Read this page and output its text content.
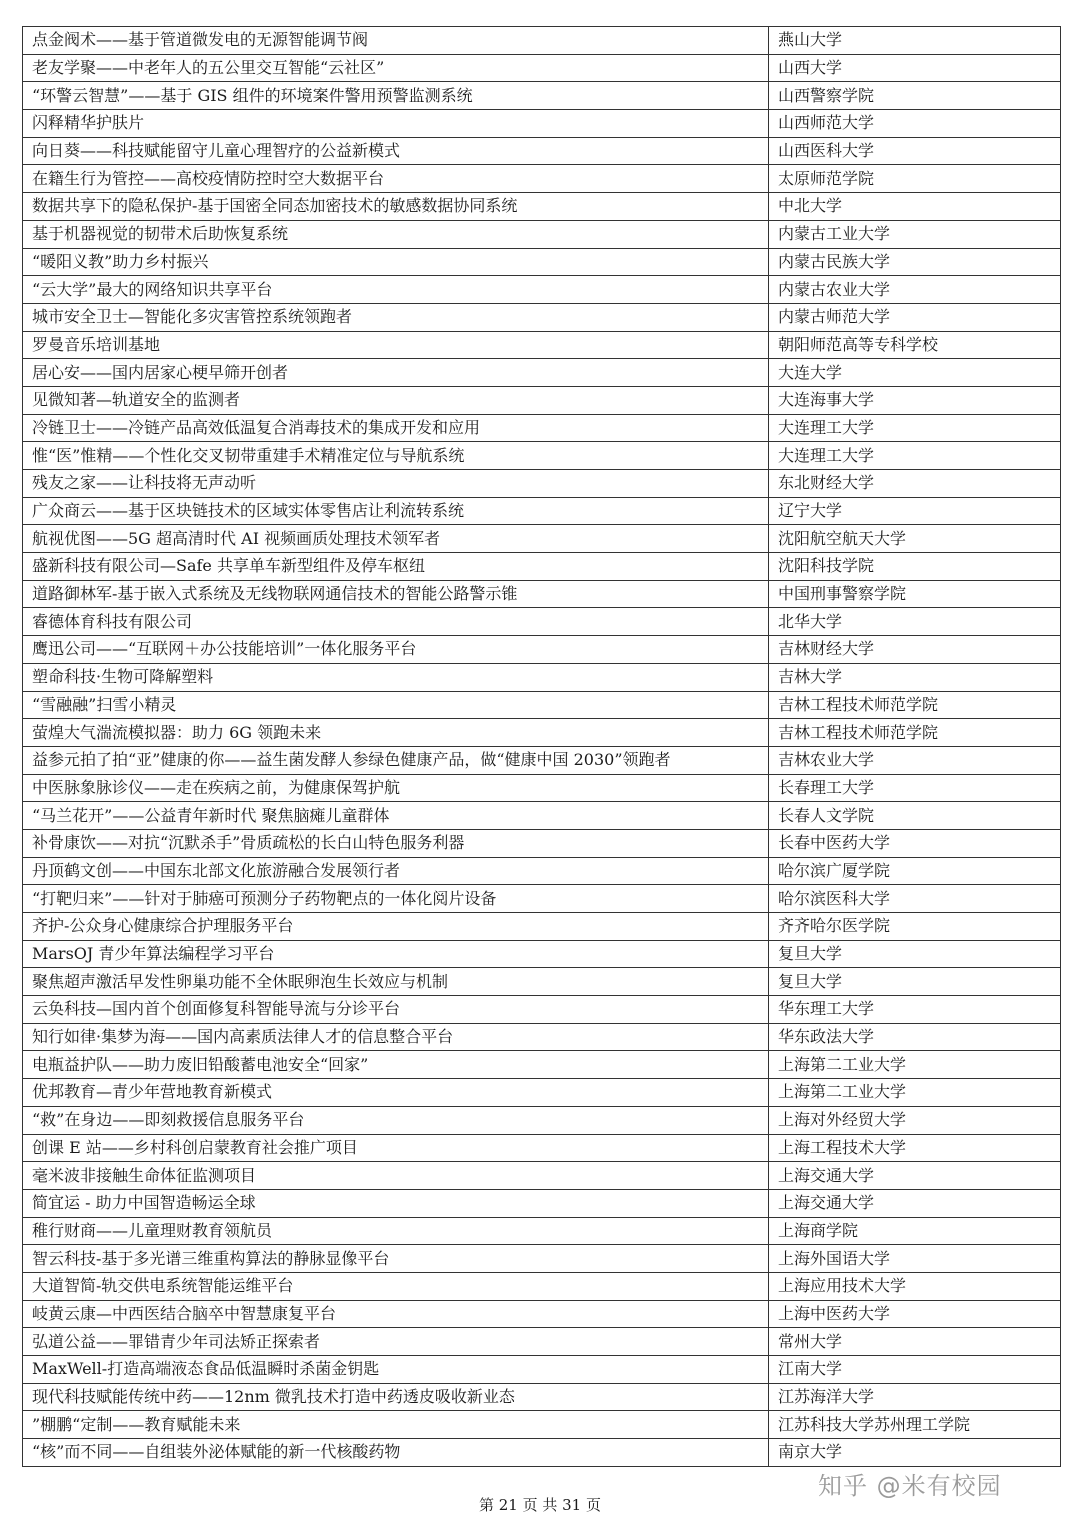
点金阀术——基于管道微发电的无源智能调节阀	燕山大学
老友学聚——中老年人的五公里交互智能“云社区”	山西大学
“环警云智慧”——基于 GIS 组件的环境案件警用预警监测系统	山西警察学院
闪释精华护肤片	山西师范大学
向日葵——科技赋能留守儿童心理智疗的公益新模式	山西医科大学
在籍生行为管控——高校疫情防控时空大数据平台	太原师范学院
数据共享下的隐私保护-基于国密全同态加密技术的敏感数据协同系统	中北大学
基于机器视觉的韧带术后助恢复系统	内蒙古工业大学
“暖阳义教”助力乡村振兴	内蒙古民族大学
“云大学”最大的网络知识共享平台	内蒙古农业大学
城市安全卫士—智能化多灾害管控系统领跑者	内蒙古师范大学
罗曼音乐培训基地	朝阳师范高等专科学校
居心安——国内居家心梗早筛开创者	大连大学
见微知著—轨道安全的监测者	大连海事大学
冷链卫士——冷链产品高效低温复合消毒技术的集成开发和应用	大连理工大学
惟“医”惟精——个性化交叉韧带重建手术精准定位与导航系统	大连理工大学
残友之家——让科技将无声动听	东北财经大学
广众商云——基于区块链技术的区域实体零售店让利流转系统	辽宁大学
航视优图——5G 超高清时代 AI 视频画质处理技术领军者	沈阳航空航天大学
盛新科技有限公司—Safe 共享单车新型组件及停车枢纽	沈阳科技学院
道路御林军-基于嵌入式系统及无线物联网通信技术的智能公路警示锥	中国刑事警察学院
睿德体育科技有限公司	北华大学
鹰迅公司——“互联网＋办公技能培训”一体化服务平台	吉林财经大学
塑命科技·生物可降解塑料	吉林大学
“雪融融”扫雪小精灵	吉林工程技术师范学院
萤煌大气湍流模拟器：助力 6G 领跑未来	吉林工程技术师范学院
益参元拍了拍“亚”健康的你——益生菌发酵人参绿色健康产品，做“健康中国 2030”领跑者	吉林农业大学
中医脉象脉诊仪——走在疾病之前，为健康保驾护航	长春理工大学
“马兰花开”——公益青年新时代 聚焦脑瘫儿童群体	长春人文学院
补骨康饮——对抗“沉默杀手”骨质疏松的长白山特色服务利器	长春中医药大学
丹顶鹤文创——中国东北部文化旅游融合发展领行者	哈尔滨广厦学院
“打靶归来”——针对于肺癌可预测分子药物靶点的一体化阅片设备	哈尔滨医科大学
齐护-公众身心健康综合护理服务平台	齐齐哈尔医学院
MarsOJ 青少年算法编程学习平台	复旦大学
聚焦超声激活早发性卵巢功能不全休眠卵泡生长效应与机制	复旦大学
云奂科技—国内首个创面修复科智能导流与分诊平台	华东理工大学
知行如律·集梦为海——国内高素质法律人才的信息整合平台	华东政法大学
电瓶益护队——助力废旧铅酸蓄电池安全“回家”	上海第二工业大学
优邦教育—青少年营地教育新模式	上海第二工业大学
“救”在身边——即刻救援信息服务平台	上海对外经贸大学
创课 E 站——乡村科创启蒙教育社会推广项目	上海工程技术大学
毫米波非接触生命体征监测项目	上海交通大学
简宜运 - 助力中国智造畅运全球	上海交通大学
稚行财商——儿童理财教育领航员	上海商学院
智云科技-基于多光谱三维重构算法的静脉显像平台	上海外国语大学
大道智简-轨交供电系统智能运维平台	上海应用技术大学
岐黄云康—中西医结合脑卒中智慧康复平台	上海中医药大学
弘道公益——罪错青少年司法矫正探索者	常州大学
MaxWell-打造高端液态食品低温瞬时杀菌金钥匙	江南大学
现代科技赋能传统中药——12nm 微乳技术打造中药透皮吸收新业态	江苏海洋大学
”棚鹏“定制——教育赋能未来	江苏科技大学苏州理工学院
“核”而不同——自组装外泌体赋能的新一代核酸药物	南京大学
第 21 页 共 31 页
知乎 @米有校园
